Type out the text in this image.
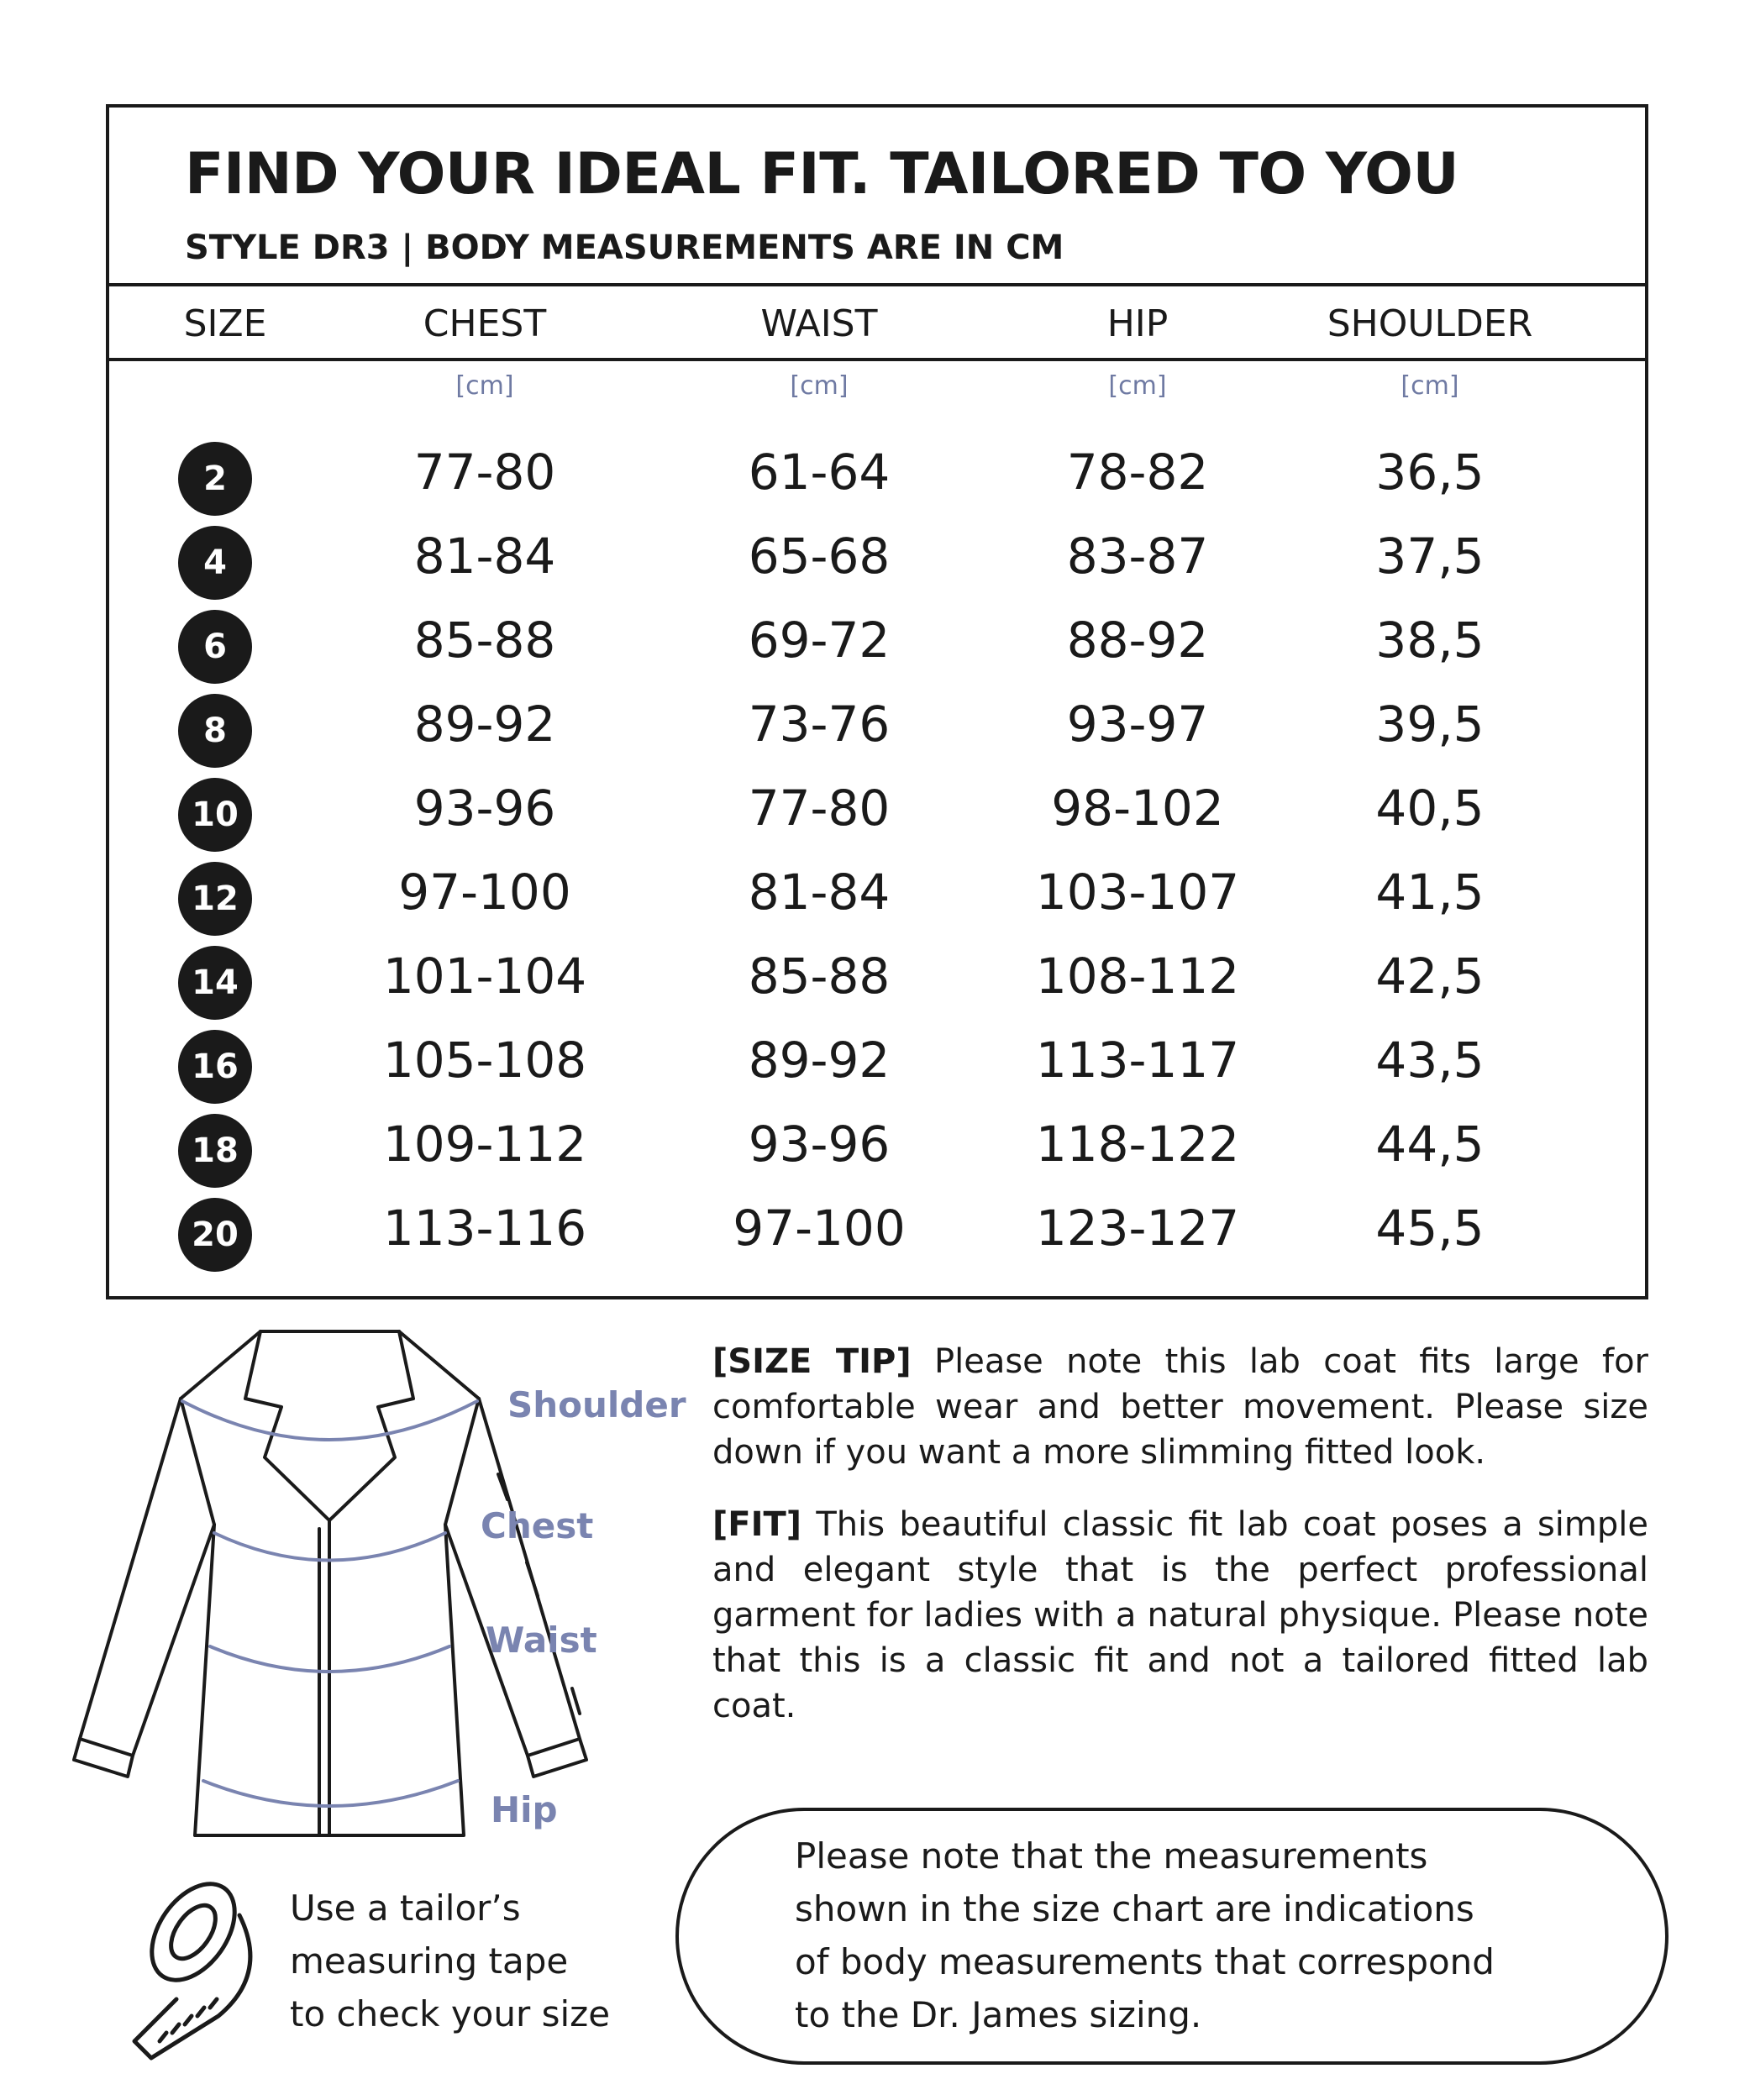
FIND YOUR IDEAL FIT. TAILORED TO YOU
STYLE DR3 | BODY MEASUREMENTS ARE IN CM
SIZE	CHEST	WAIST	HIP	SHOULDER
[cm]	[cm]	[cm]	[cm]
2	77-80	61-64	78-82	36,5
4	81-84	65-68	83-87	37,5
6	85-88	69-72	88-92	38,5
8	89-92	73-76	93-97	39,5
10	93-96	77-80	98-102	40,5
12	97-100	81-84	103-107	41,5
14	101-104	85-88	108-112	42,5
16	105-108	89-92	113-117	43,5
18	109-112	93-96	118-122	44,5
20	113-116	97-100	123-127	45,5
Shoulder
Chest
Waist
Hip

[SIZE TIP] Please note this lab coat fits large for comfortable wear and better movement. Please size down if you want a more slimming fitted look.

[FIT] This beautiful classic fit lab coat poses a simple and elegant style that is the perfect professional garment for ladies with a natural physique. Please note that this is a classic fit and not a tailored fitted lab coat.

Use a tailor’s
measuring tape
to check your size
Please note that the measurements
shown in the size chart are indications
of body measurements that correspond
to the Dr. James sizing.
